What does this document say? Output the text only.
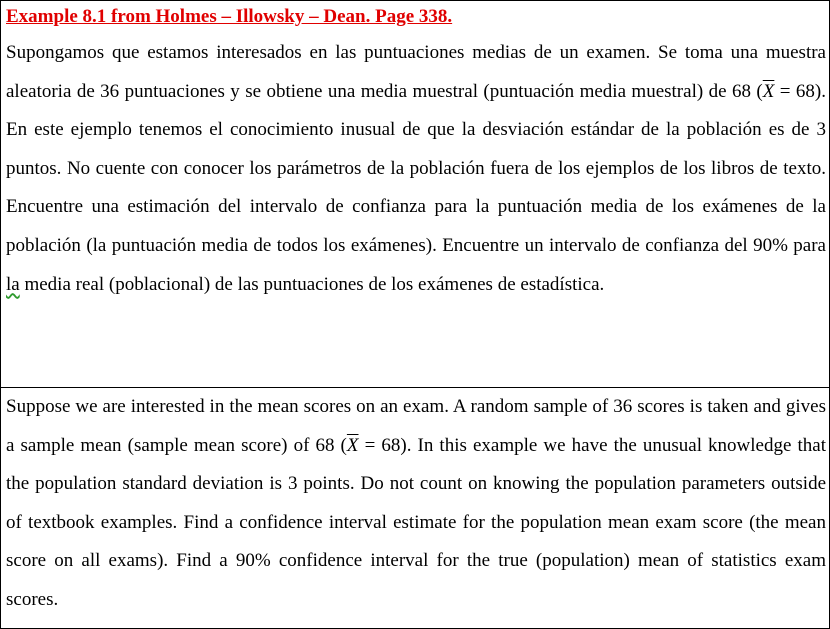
Example 8.1 from Holmes – Illowsky – Dean. Page 338.

Supongamos que estamos interesados en las puntuaciones medias de un examen. Se toma una muestra aleatoria de 36 puntuaciones y se obtiene una media muestral (puntuación media muestral) de 68 $(\overline{X} = 68)$. En este ejemplo tenemos el conocimiento inusual de que la desviación estándar de la población es de 3 puntos. No cuente con conocer los parámetros de la población fuera de los ejemplos de los libros de texto. Encuentre una estimación del intervalo de confianza para la puntuación media de los exámenes de la población (la puntuación media de todos los exámenes). Encuentre un intervalo de confianza del 90% para la media real (poblacional) de las puntuaciones de los exámenes de estadística.

Suppose we are interested in the mean scores on an exam. A random sample of 36 scores is taken and gives a sample mean (sample mean score) of 68 $(\overline{X} = 68)$. In this example we have the unusual knowledge that the population standard deviation is 3 points. Do not count on knowing the population parameters outside of textbook examples. Find a confidence interval estimate for the population mean exam score (the mean score on all exams). Find a 90% confidence interval for the true (population) mean of statistics exam scores.
